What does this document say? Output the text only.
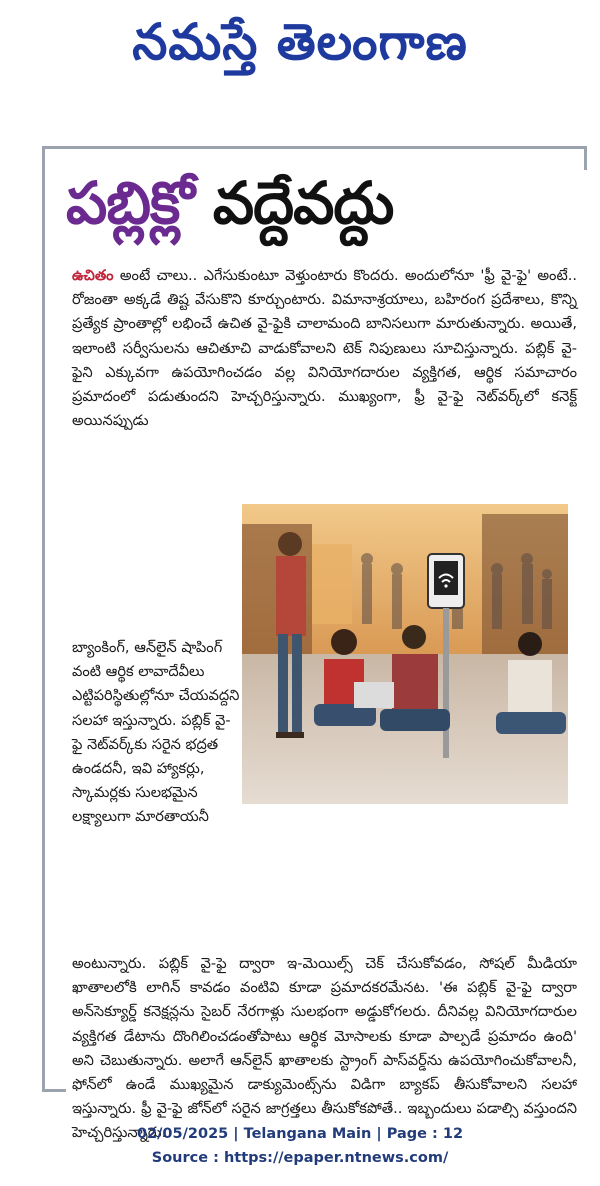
నమస్తే తెలంగాణ
పబ్లిక్లో వద్దేవద్దు
ఉచితం అంటే చాలు.. ఎగేసుకుంటూ వెళ్తుంటారు కొందరు. అందులోనూ 'ఫ్రీ వై-ఫై' అంటే.. రోజంతా అక్కడే తిష్ట వేసుకొని కూర్చుంటారు. విమానాశ్రయాలు, బహిరంగ ప్రదేశాలు, కొన్ని ప్రత్యేక ప్రాంతాల్లో లభించే ఉచిత వై-ఫైకి చాలామంది బానిసలుగా మారుతున్నారు. అయితే, ఇలాంటి సర్వీసులను ఆచితూచి వాడుకోవాలని టెక్ నిపుణులు సూచిస్తున్నారు. పబ్లిక్ వై-ఫైని ఎక్కువగా ఉపయోగించడం వల్ల వినియోగదారుల వ్యక్తిగత, ఆర్థిక సమాచారం ప్రమాదంలో పడుతుందని హెచ్చరిస్తున్నారు. ముఖ్యంగా, ఫ్రీ వై-ఫై నెట్‌వర్క్‌లో కనెక్ట్ అయినప్పుడు
బ్యాంకింగ్, ఆన్‌లైన్ షాపింగ్ వంటి ఆర్థిక లావాదేవీలు ఎట్టిపరిస్థితుల్లోనూ చేయవద్దని సలహా ఇస్తున్నారు. పబ్లిక్ వై-ఫై నెట్‌వర్క్‌కు సరైన భద్రత ఉండదనీ, ఇవి హ్యాకర్లు, స్కామర్లకు సులభమైన లక్ష్యాలుగా మారతాయనీ
అంటున్నారు. పబ్లిక్ వై-ఫై ద్వారా ఇ-మెయిల్స్ చెక్ చేసుకోవడం, సోషల్ మీడియా ఖాతాలలోకి లాగిన్ కావడం వంటివి కూడా ప్రమాదకరమేనట. 'ఈ పబ్లిక్ వై-ఫై ద్వారా అన్‌సెక్యూర్డ్ కనెక్షన్లను సైబర్ నేరగాళ్లు సులభంగా అడ్డుకోగలరు. దీనివల్ల వినియోగదారుల వ్యక్తిగత డేటాను దొంగిలించడంతోపాటు ఆర్థిక మోసాలకు కూడా పాల్పడే ప్రమాదం ఉంది' అని చెబుతున్నారు. అలాగే ఆన్‌లైన్ ఖాతాలకు స్ట్రాంగ్ పాస్‌వర్డ్‌ను ఉపయోగించుకోవాలనీ, ఫోన్‌లో ఉండే ముఖ్యమైన డాక్యుమెంట్స్‌ను విడిగా బ్యాకప్ తీసుకోవాలని సలహా ఇస్తున్నారు. ఫ్రీ వై-ఫై జోన్‌లో సరైన జాగ్రత్తలు తీసుకోకపోతే.. ఇబ్బందులు పడాల్సి వస్తుందని హెచ్చరిస్తున్నారు.
02/05/2025 | Telangana Main | Page : 12
Source : https://epaper.ntnews.com/
